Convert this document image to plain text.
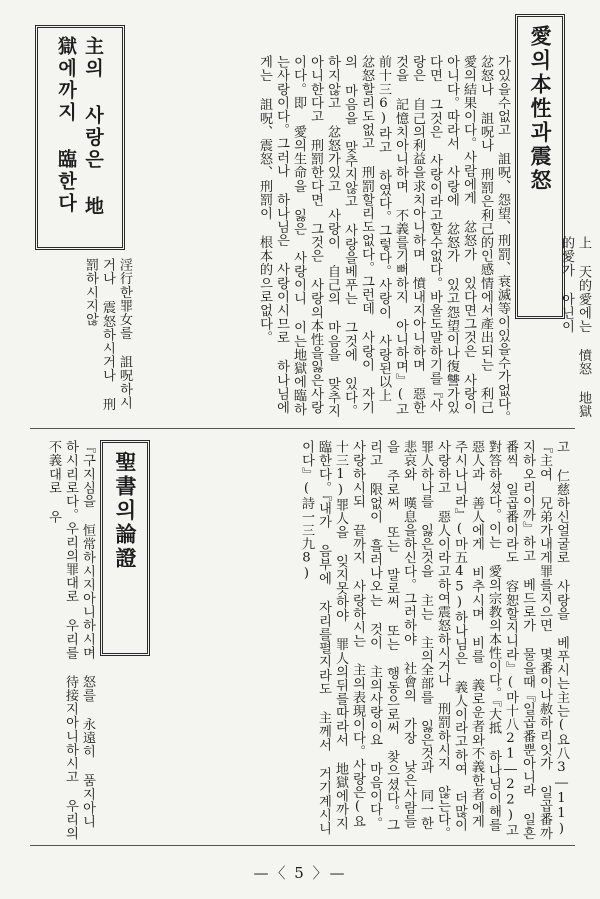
愛의本性과震怒
上 天的愛에는 憤怒 地獄的愛가 아닌이
가있을수없고 詛呪、怨望、刑罰、衰滅等이있을수가없다。忿怒나 詛呪나 刑罰은利己的인感情에서產出되는 利己愛의結果이다。사람에게 忿怒가 있다면그것은 사랑이아니다。따라서 사랑에 忿怒가 있고怨望이나復讐가있다면 그것은 사랑이라고할수없다。바울도말하기를『사랑은 自己의利益을求치아니하며 憤내지아니하며 惡한것을 記憶치아니하며 不義를기뻐하지 아니하며』(고前十三6)라고 하였다。그렇다。사랑이 사랑된以上 忿怒할리도없고 刑罰할리도없다。그런데 사랑이 자기의 마음을 맞추지않고 사랑을베푸는 그것에 있다。하지않고 忿怒가있고 사랑이 自己의 마음을 맞추지아니한다고 刑罰한다면 그것은 사랑의本性을잃은사랑이다。即 愛의生命을 잃은 사랑이니 이는地獄에臨하는사랑이다。그러나 하나님은 사랑이시므로 하나님에게는 詛呪、震怒、刑罰이 根本的으로없다。
主의 사랑은 地獄에까지 臨한다
淫行한罪女를 詛呪하시거나 震怒하시거나 刑罰하시지않
고 仁慈하신얼굴로 사랑을 베푸시는主는(요八3―11)『主여 兄弟가내게罪를지으면 몇番이나赦하리잇가 일곱番까지하오리이까』하고 베드로가 물을때『일곱番뿐아니라 일흔番씩 일곱番이라도 容恕할지니라』(마十八21―22)고 對答하셨다。이는 愛의宗教의本性이다。『大抵 하나님이해를惡人과 善人에게 비추시며 비를 義로운者와不義한者에게 주시나니라』(마五45)하나님은 義人이라고하여 더많이 사랑하고 惡人이라고하여震怒하시거나 刑罰하시지 않는다。罪人하나를 잃은것을 主는 主의全部를 잃은것과 同一한悲哀와 嘆息을하신다。그러하야 社會의 가장 낮은사람들을 주로써 또는 말로써 또는 행동으로써 찾으셨다。그리고 限없이 흘러나오는 것이 主의사랑이요 마음이다。사랑하시되 끝까지 사랑하시는 主의表現이다。사랑은(요十三1)罪人을 잊지못하야 罪人의뒤를따라서 地獄에까지 臨한다。『내가 음부에 자리를펼지라도 主께서 거기계시니이다』(詩一三九8)
聖書의論證
『구지심을 恒常하시지아니하시며 怒를 永遠히 품지아니하시리로다。우리의罪대로 우리를 待接지아니하시고 우리의不義대로 우
—〈 5 〉—
